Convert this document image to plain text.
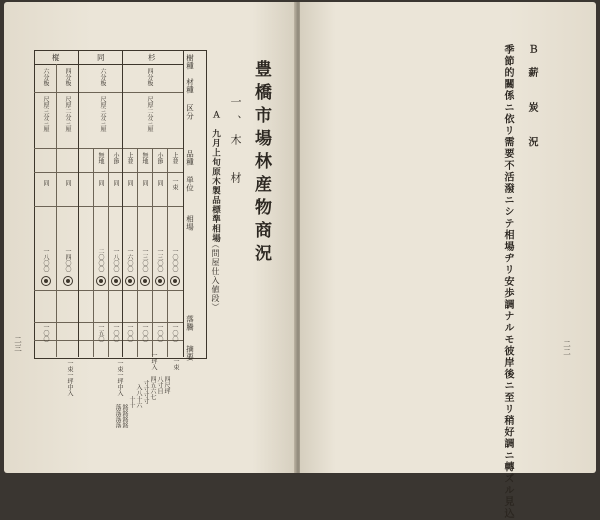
豊橋市場林産物商況
一、木　材
Ａ　九月上旬原木製品標準相場
（問屋仕入値段）
二三
樹種
材種
区分
品種
単位
相場
落騰
摘要
杉
同
樅
四分板
六分板
四分板
六分板
尺厚二分三厘
尺厚三分三厘
尺厚二分三厘
尺厚三分三厘
上並
小節
無地
上並
小節
無地
一束
同
同
同
同
同
同
同
一〇〇〇
一三〇〇
一三〇〇
一六〇〇
一八〇〇
二〇〇〇
一四〇〇
一八〇〇
一〇〇
一〇〇
一〇〇
一〇〇
一〇〇
一五〇
一〇〇
一束一坪中入
一束一坪中入	一束
一坪入
四尺坪
八寸目
四五六七
寸寸寸寸
入八十六
十十
銘銘銘銘
落落落落
Ｂ　薪　　炭　　況
季節的關係ニ依リ需要不活潑ニシテ相場ヂリ安歩調ナルモ彼岸後ニ至リ稍好調ニ轉ズル見込	二二
